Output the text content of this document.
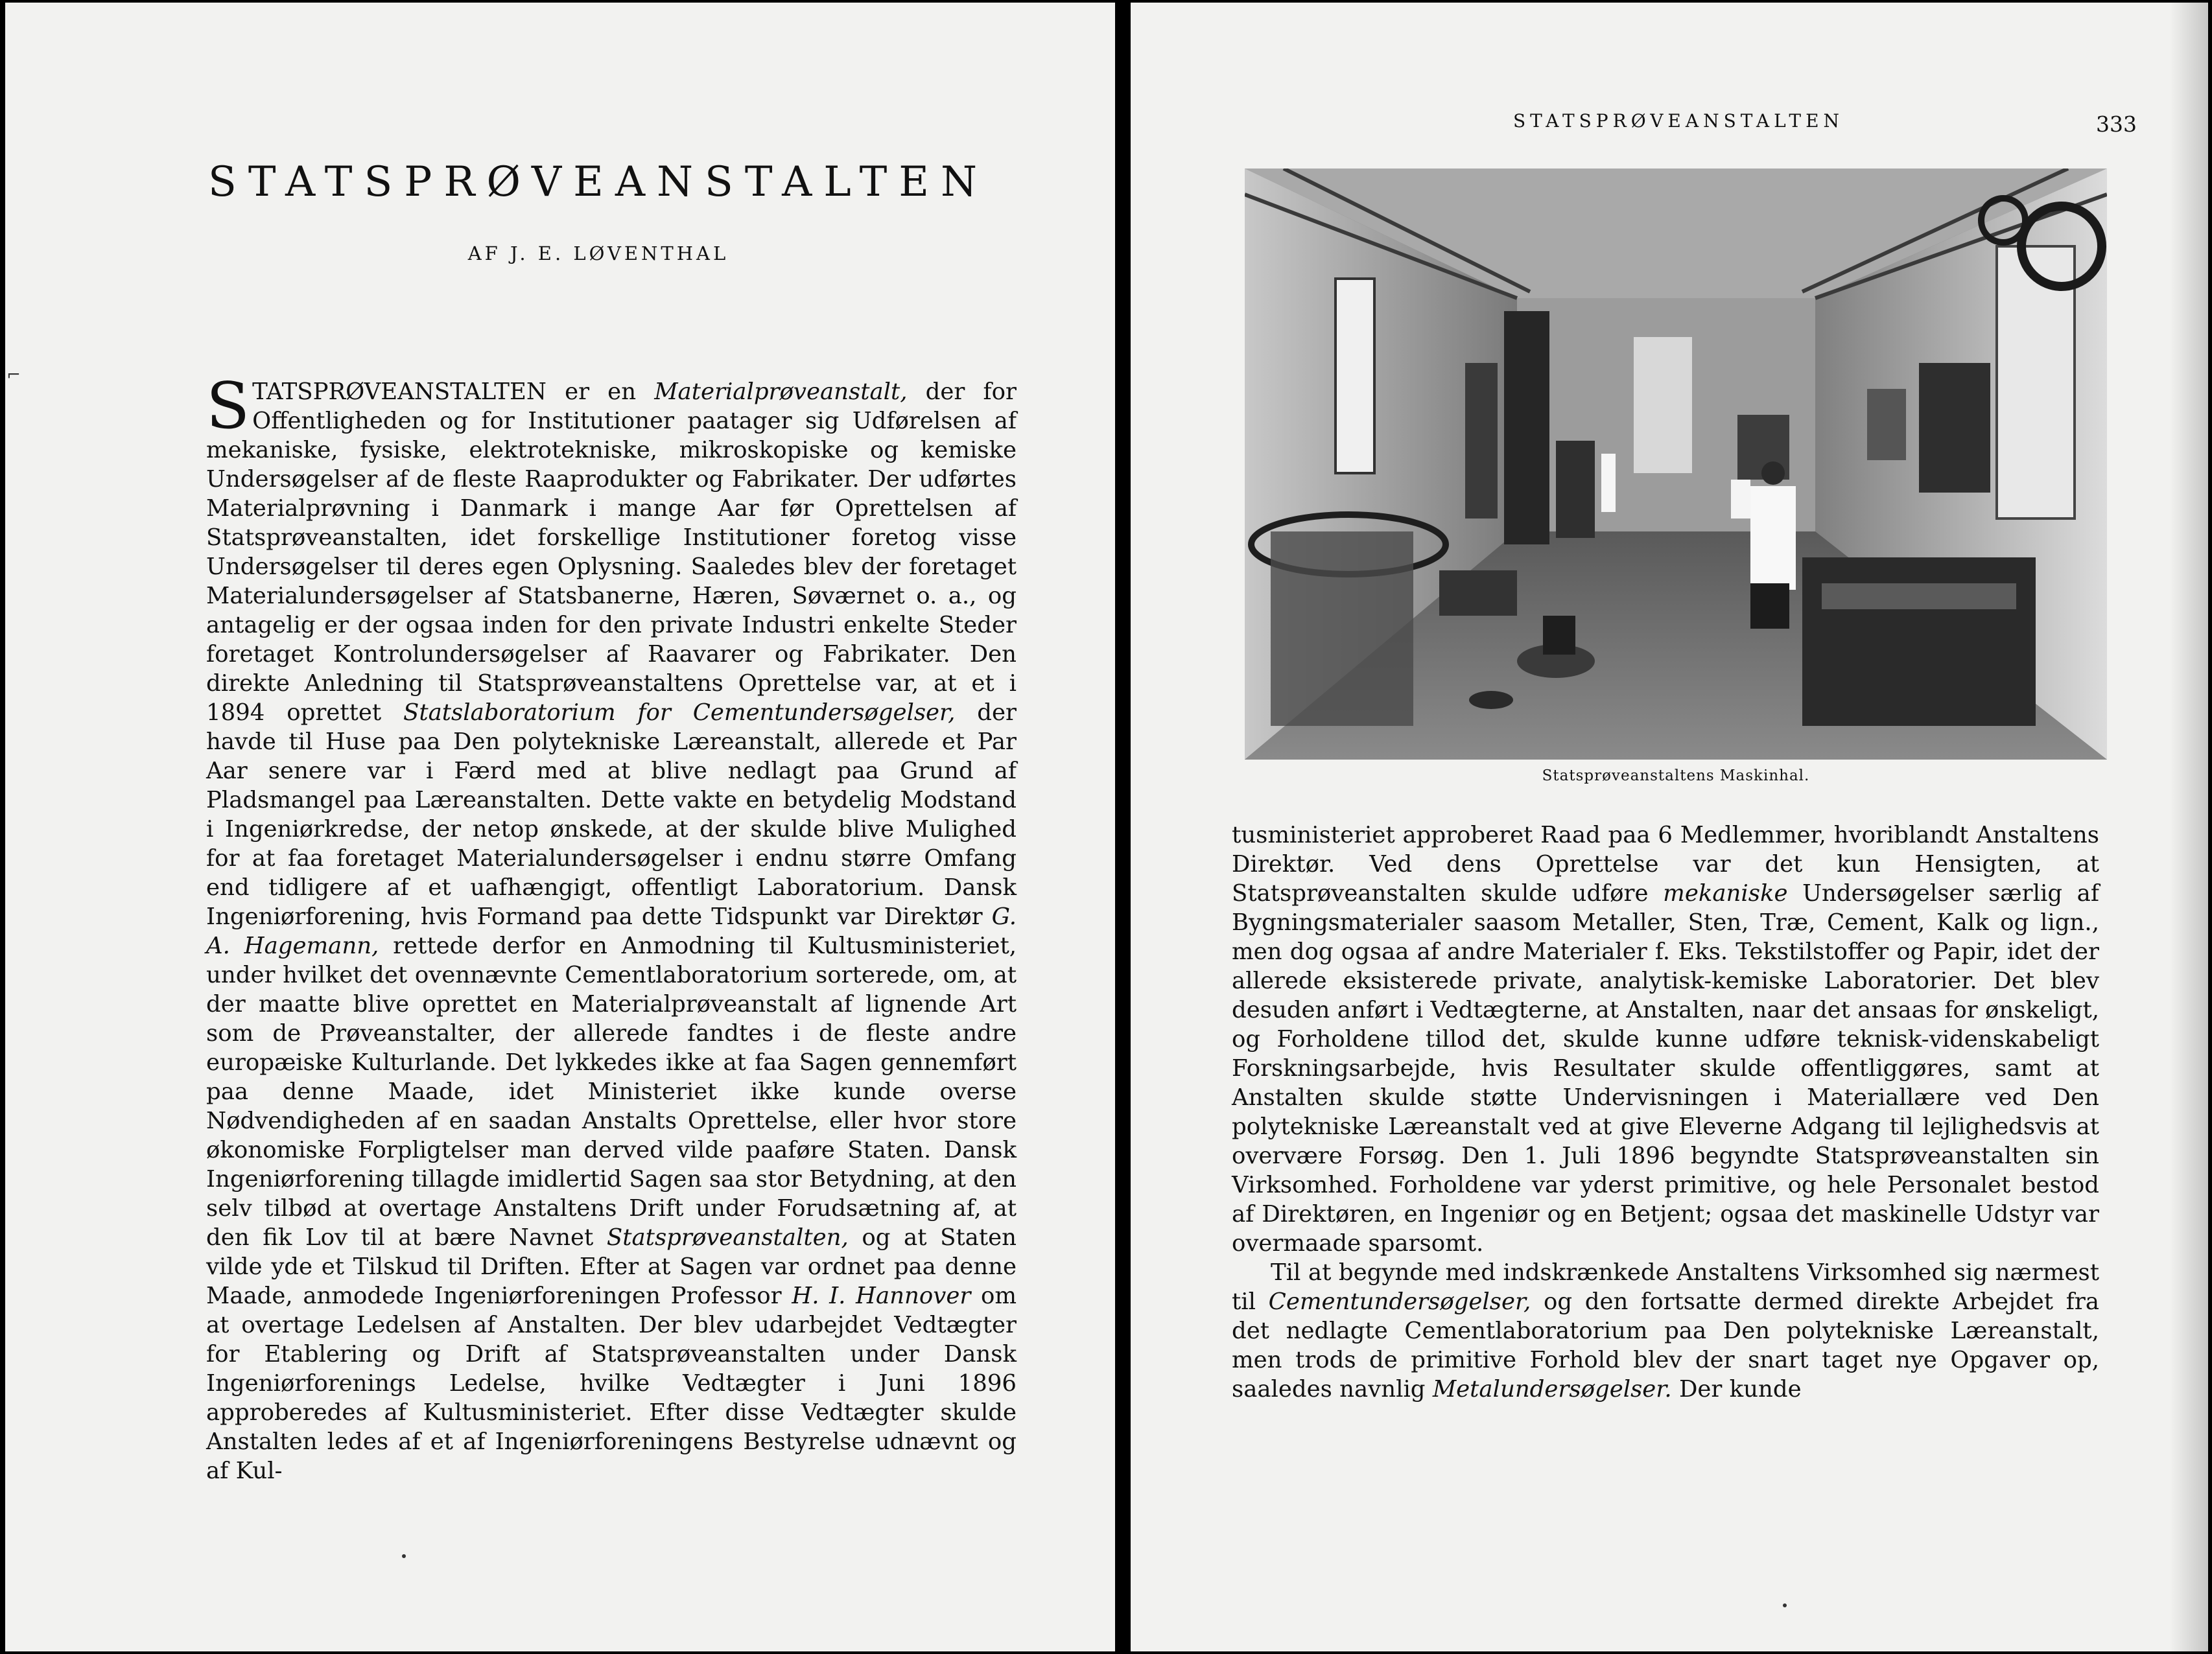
⌐
STATSPRØVEANSTALTEN
AF J. E. LØVENTHAL

STATSPRØVEANSTALTEN er en Materialprøveanstalt, der for Offentligheden og for Institutioner paatager sig Udførelsen af mekaniske, fysiske, elektrotekniske, mikroskopiske og kemiske Undersøgelser af de fleste Raaprodukter og Fabrikater. Der udførtes Materialprøvning i Danmark i mange Aar før Oprettelsen af Statsprøveanstalten, idet forskellige Institutioner foretog visse Undersøgelser til deres egen Oplysning. Saaledes blev der foretaget Materialundersøgelser af Statsbanerne, Hæren, Søværnet o. a., og antagelig er der ogsaa inden for den private Industri enkelte Steder foretaget Kontrolundersøgelser af Raavarer og Fabrikater. Den direkte Anledning til Statsprøveanstaltens Oprettelse var, at et i 1894 oprettet Statslaboratorium for Cementundersøgelser, der havde til Huse paa Den polytekniske Læreanstalt, allerede et Par Aar senere var i Færd med at blive nedlagt paa Grund af Pladsmangel paa Læreanstalten. Dette vakte en betydelig Modstand i Ingeniørkredse, der netop ønskede, at der skulde blive Mulighed for at faa foretaget Materialundersøgelser i endnu større Omfang end tidligere af et uafhængigt, offentligt Laboratorium. Dansk Ingeniørforening, hvis Formand paa dette Tidspunkt var Direktør G. A. Hagemann, rettede derfor en Anmodning til Kultusministeriet, under hvilket det ovennævnte Cementlaboratorium sorterede, om, at der maatte blive oprettet en Materialprøveanstalt af lignende Art som de Prøveanstalter, der allerede fandtes i de fleste andre europæiske Kulturlande. Det lykkedes ikke at faa Sagen gennemført paa denne Maade, idet Ministeriet ikke kunde overse Nødvendigheden af en saadan Anstalts Oprettelse, eller hvor store økonomiske Forpligtelser man derved vilde paaføre Staten. Dansk Ingeniørforening tillagde imidlertid Sagen saa stor Betydning, at den selv tilbød at overtage Anstaltens Drift under Forudsætning af, at den fik Lov til at bære Navnet Statsprøveanstalten, og at Staten vilde yde et Tilskud til Driften. Efter at Sagen var ordnet paa denne Maade, anmodede Ingeniørforeningen Professor H. I. Hannover om at overtage Ledelsen af Anstalten. Der blev udarbejdet Vedtægter for Etablering og Drift af Statsprøveanstalten under Dansk Ingeniørforenings Ledelse, hvilke Vedtægter i Juni 1896 approberedes af Kultusministeriet. Efter disse Vedtægter skulde Anstalten ledes af et af Ingeniørforeningens Bestyrelse udnævnt og af Kul-

STATSPRØVEANSTALTEN	333
Statsprøveanstaltens Maskinhal.

tusministeriet approberet Raad paa 6 Medlemmer, hvoriblandt Anstaltens Direktør. Ved dens Oprettelse var det kun Hensigten, at Statsprøveanstalten skulde udføre mekaniske Undersøgelser særlig af Bygningsmaterialer saasom Metaller, Sten, Træ, Cement, Kalk og lign., men dog ogsaa af andre Materialer f. Eks. Tekstilstoffer og Papir, idet der allerede eksisterede private, analytisk-kemiske Laboratorier. Det blev desuden anført i Vedtægterne, at Anstalten, naar det ansaas for ønskeligt, og Forholdene tillod det, skulde kunne udføre teknisk-videnskabeligt Forskningsarbejde, hvis Resultater skulde offentliggøres, samt at Anstalten skulde støtte Undervisningen i Materiallære ved Den polytekniske Læreanstalt ved at give Eleverne Adgang til lejlighedsvis at overvære Forsøg. Den 1. Juli 1896 begyndte Statsprøveanstalten sin Virksomhed. Forholdene var yderst primitive, og hele Personalet bestod af Direktøren, en Ingeniør og en Betjent; ogsaa det maskinelle Udstyr var overmaade sparsomt.

Til at begynde med indskrænkede Anstaltens Virksomhed sig nærmest til Cementundersøgelser, og den fortsatte dermed direkte Arbejdet fra det nedlagte Cementlaboratorium paa Den polytekniske Læreanstalt, men trods de primitive Forhold blev der snart taget nye Opgaver op, saaledes navnlig Metalundersøgelser. Der kunde
